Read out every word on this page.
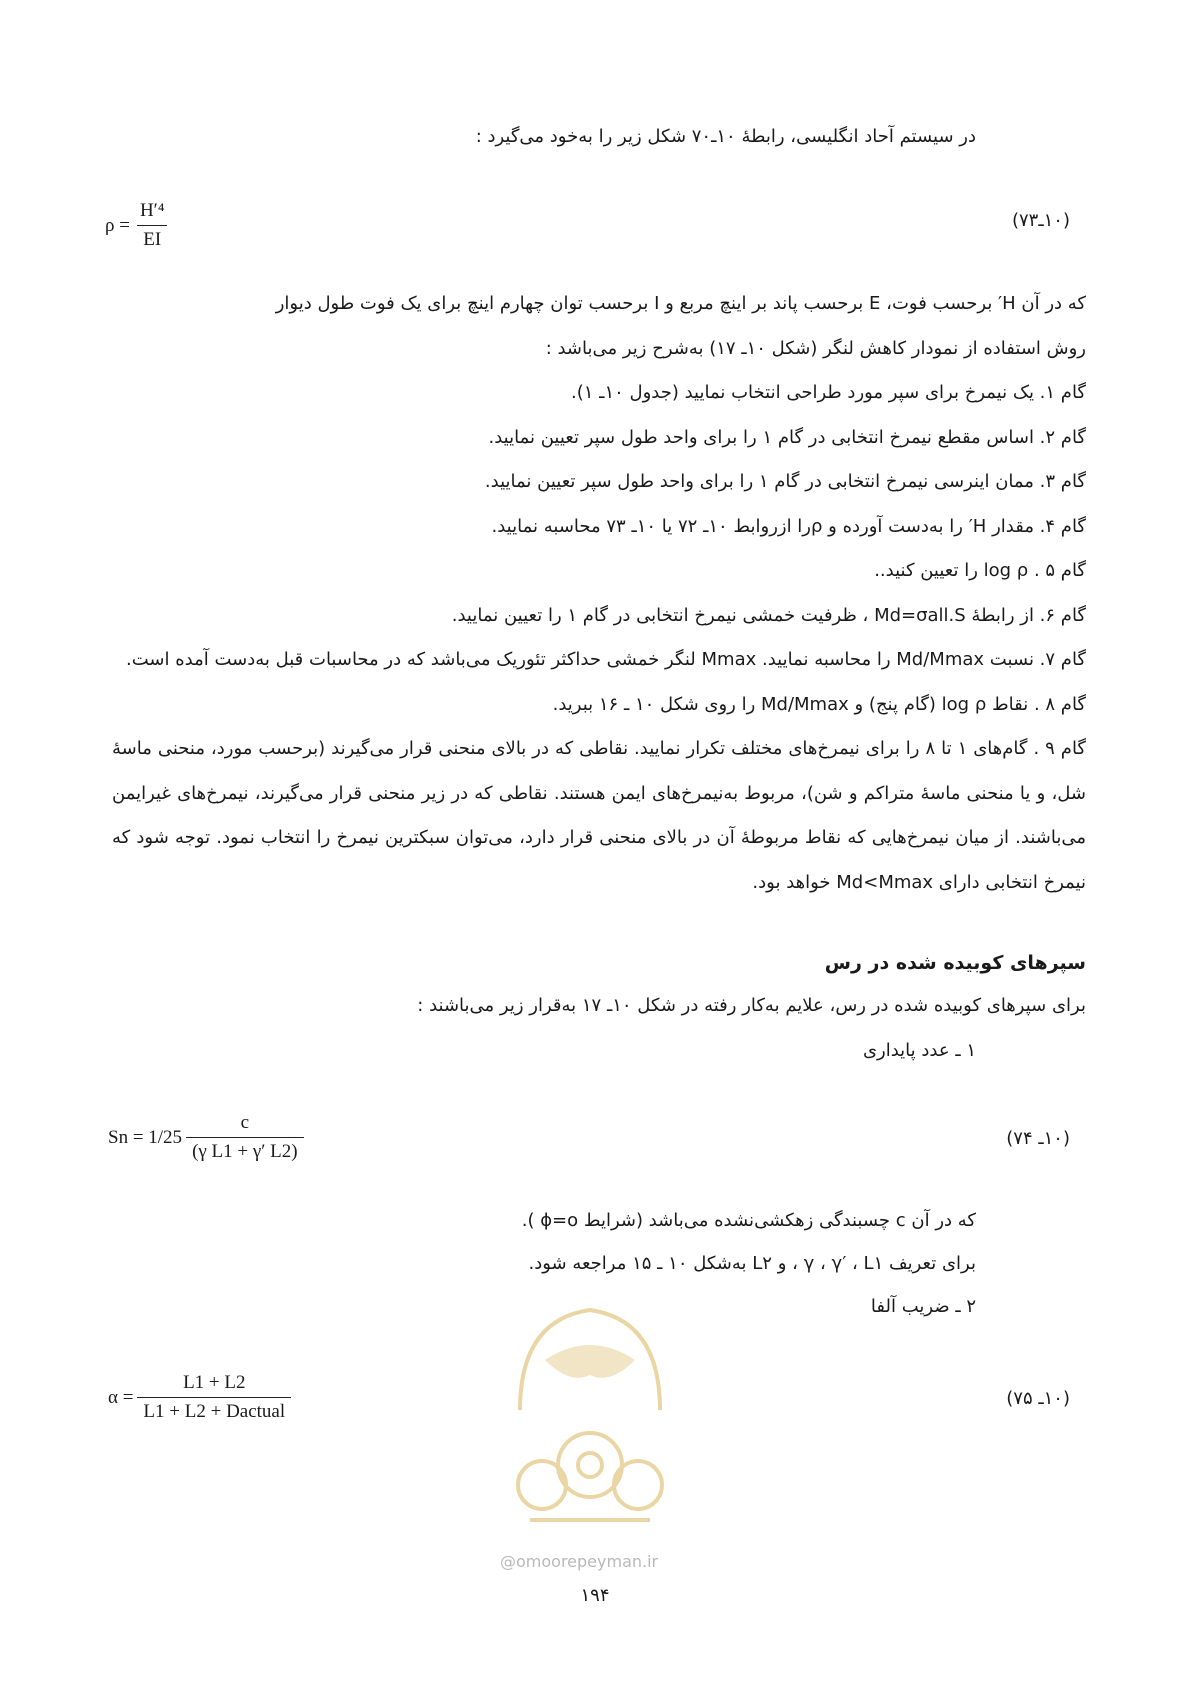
در سیستم آحاد انگلیسی، رابطهٔ ۱۰ـ۷۰ شکل زیر را به‌خود می‌گیرد :
$\rho = \frac{\text{H′⁴}}{EI}$	(۱۰ـ۷۳)

که در آن H′ برحسب فوت، E برحسب پاند بر اینچ مربع و I برحسب توان چهارم اینچ برای یک فوت طول دیوار

روش استفاده از نمودار کاهش لنگر (شکل ۱۰ـ ۱۷) به‌شرح زیر می‌باشد :

گام ۱. یک نیمرخ برای سپر مورد طراحی انتخاب نمایید (جدول ۱۰ـ ۱).

گام ۲. اساس مقطع نیمرخ انتخابی در گام ۱ را برای واحد طول سپر تعیین نمایید.

گام ۳. ممان اینرسی نیمرخ انتخابی در گام ۱ را برای واحد طول سپر تعیین نمایید.

گام ۴. مقدار H′ را به‌دست آورده و ρرا ازروابط ۱۰ـ ۷۲ یا ۱۰ـ ۷۳ محاسبه نمایید.

گام ۵ . log ρ را تعیین کنید..

گام ۶. از رابطهٔ Md=σall.S ، ظرفیت خمشی نیمرخ انتخابی در گام ۱ را تعیین نمایید.

گام ۷. نسبت Md/Mmax را محاسبه نمایید. Mmax لنگر خمشی حداکثر تئوریک می‌باشد که در محاسبات قبل به‌دست آمده است.

گام ۸ . نقاط log ρ (گام پنج) و Md/Mmax را روی شکل ۱۰ ـ ۱۶ ببرید.

گام ۹ . گام‌های ۱ تا ۸ را برای نیمرخ‌های مختلف تکرار نمایید. نقاطی که در بالای منحنی قرار می‌گیرند (برحسب مورد، منحنی ماسهٔ شل، و یا منحنی ماسهٔ متراکم و شن)، مربوط به‌نیمرخ‌های ایمن هستند. نقاطی که در زیر منحنی قرار می‌گیرند، نیمرخ‌های غیرایمن می‌باشند. از میان نیمرخ‌هایی که نقاط مربوطهٔ آن در بالای منحنی قرار دارد، می‌توان سبکترین نیمرخ را انتخاب نمود. توجه شود که نیمرخ انتخابی دارای Md<Mmax خواهد بود.

سپرهای کوبیده شده در رس
برای سپرهای کوبیده شده در رس، علایم به‌کار رفته در شکل ۱۰ـ ۱۷ به‌قرار زیر می‌باشند :
۱ ـ عدد پایداری
$Sn = 1/25 \frac{c}{\text{(γ L1 + γ′ L2)}}$	(۱۰ـ ۷۴)
که در آن c چسبندگی زهکشی‌نشده می‌باشد (شرایط ϕ=o ).
برای تعریف γ ، γ′ ، L۱ ، و L۲ به‌شکل ۱۰ ـ ۱۵ مراجعه شود.
۲ ـ ضریب آلفا
$\alpha = \frac{L1 + L2}{\text{L1 + L2 + Dactual}}$	(۱۰ـ ۷۵)
@omoorepeyman.ir
۱۹۴
